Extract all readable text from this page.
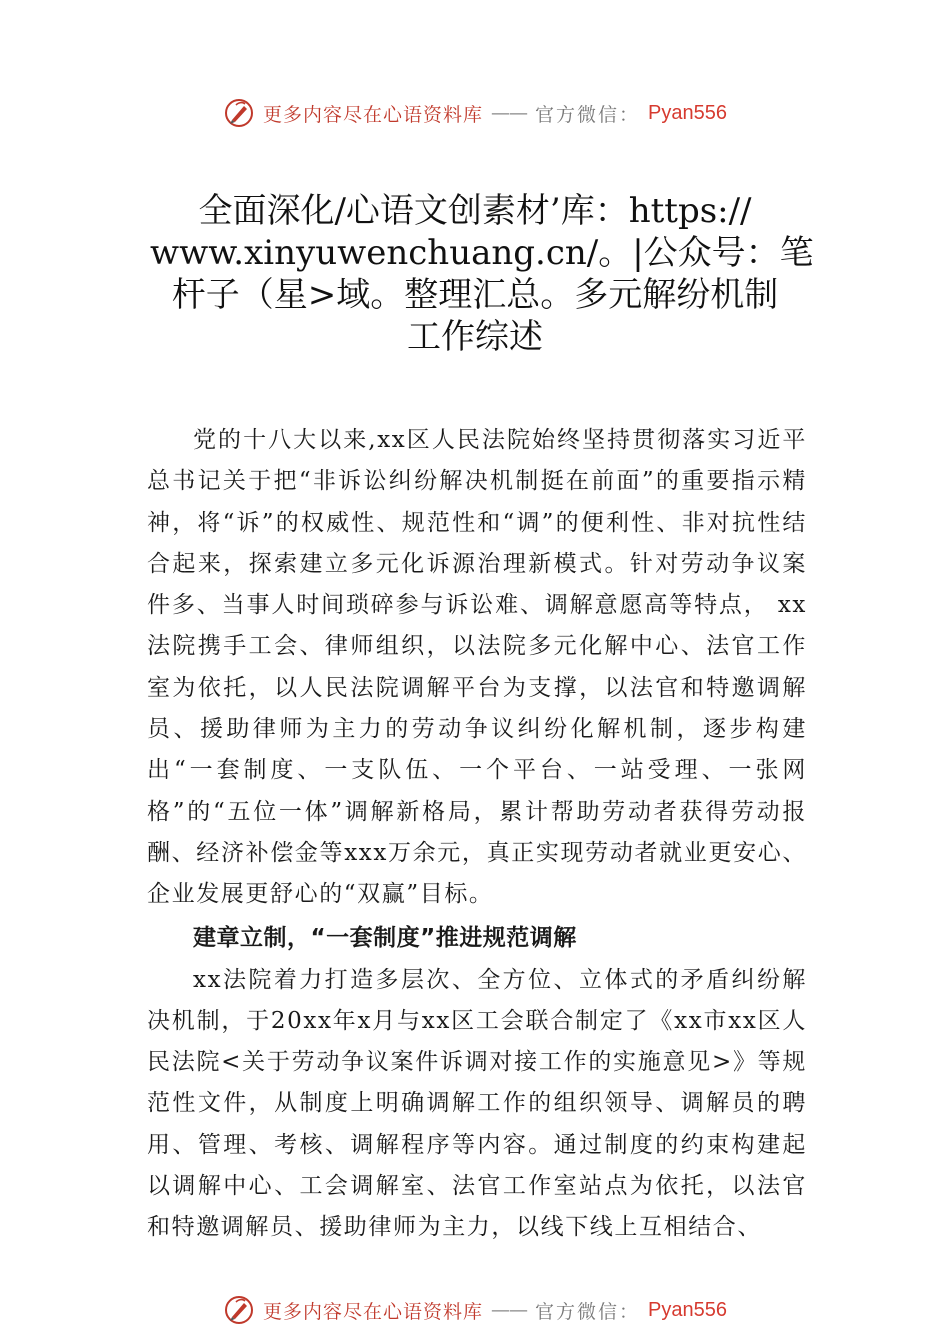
更多内容尽在心语资料库 —— 官方微信： Pyan556
全面深化/心语文创素材’库：https://
www.xinyuwenchuang.cn/。|公众号：笔
杆子（星>域。整理汇总。多元解纷机制
工作综述

党的十八大以来,xx区人民法院始终坚持贯彻落实习近平总书记关于把“非诉讼纠纷解决机制挺在前面”的重要指示精神，将“诉”的权威性、规范性和“调”的便利性、非对抗性结合起来，探索建立多元化诉源治理新模式。针对劳动争议案件多、当事人时间琐碎参与诉讼难、调解意愿高等特点， xx法院携手工会、律师组织，以法院多元化解中心、法官工作室为依托，以人民法院调解平台为支撑，以法官和特邀调解员、援助律师为主力的劳动争议纠纷化解机制，逐步构建出“一套制度、一支队伍、一个平台、一站受理、一张网格”的“五位一体”调解新格局，累计帮助劳动者获得劳动报酬、经济补偿金等xxx万余元，真正实现劳动者就业更安心、企业发展更舒心的“双赢”目标。

建章立制，“一套制度”推进规范调解

xx法院着力打造多层次、全方位、立体式的矛盾纠纷解决机制，于20xx年x月与xx区工会联合制定了《xx市xx区人民法院<关于劳动争议案件诉调对接工作的实施意见>》等规范性文件，从制度上明确调解工作的组织领导、调解员的聘用、管理、考核、调解程序等内容。通过制度的约束构建起以调解中心、工会调解室、法官工作室站点为依托，以法官和特邀调解员、援助律师为主力，以线下线上互相结合、

更多内容尽在心语资料库 —— 官方微信： Pyan556
